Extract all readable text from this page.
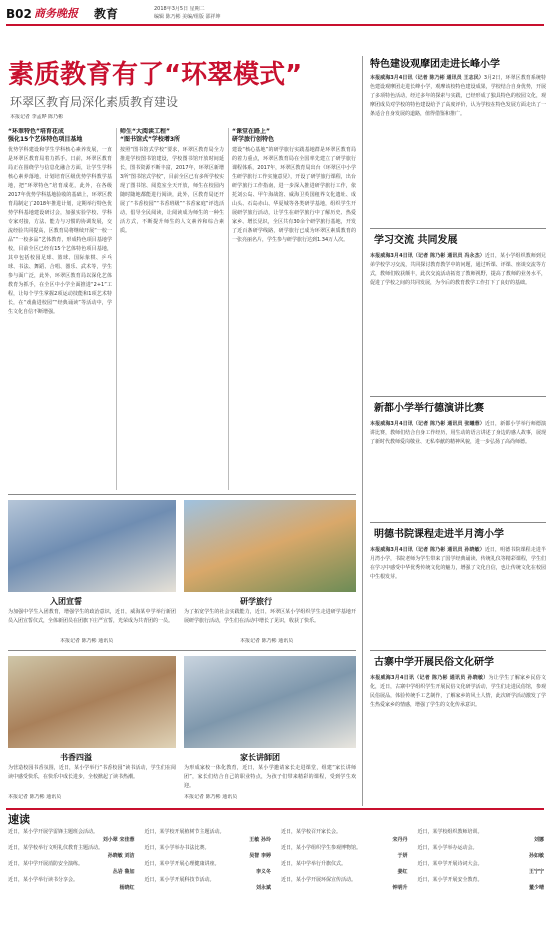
B02 商务晚报 教育	2018年3月5日 星期二
编辑 陈乃彬 美编/组版 邵祥坤
素质教育有了“环翠模式”
环翠区教育局深化素质教育建设
本报记者 李孟晔 陈乃彬
“环翠特色”培育花成
强化15个艺体特色项目基地
优势学科建设和学生学科核心素养发展，一直是环翠区教育局着力抓手。日前，环翠区教育局正在围绕学与信息化融合方面，让学生学科核心素养落地，计划培育区级优势学科教学基地，把“环翠特色”培育成花，此外，在各级2017年优势学科基地验收的基础上，环翠区教育局制定了2018年推进计划，定期举行特色优势学科基地建设研讨会，加强实验学校、学科专家对接，方法、能力与习惯的协调发展，交流经验共同提高，区教育局将继续开展“一校一品”“一校多品”艺体教育，形成特色项目基地学校，目前全区已经有15个艺体特色项目基地，其中包括校园足球、篮球、国际象棋、乒乓球、书法、舞蹈、合唱、器乐、武术等，学生参与面广泛，此外，环翠区教育局以深化艺体教育为抓手，在全区中小学全面推进“2+1”工程，让每个学生掌握2项运动技能和1项艺术特长，在“戏曲进校园”“经典诵读”等活动中，学生文化自信不断增强。
师生“大阅读工程”
“图书馆式”学校增3所
按照“图书馆式学校”要求，环翠区教育局全力推进学校图书馆建设，学校图书馆开放时间延长，图书资源不断丰富，2017年，环翠区新增3所“图书馆式学校”，目前全区已有多所学校实现了图书馆、阅览室全天开放，师生在校园内随时随地都能进行阅读，此外，区教育局还开展了“书香校园”“书香班级”“书香家庭”评选活动，倡导全民阅读，让阅读成为师生的一种生活方式，不断提升师生的人文素养和综合素质。
“课堂在路上”
研学旅行创特色
建设“核心基地”的研学旅行实践基地群是环翠区教育局的着力重点，环翠区教育局在全国率先建立了研学旅行课程体系，2017年，环翠区教育局出台《环翠区中小学生研学旅行工作实施意见》，开设了研学旅行课程，出台研学旅行工作指南，进一步深入推进研学旅行工作，依托刘公岛、甲午海战馆、威海卫英国租界文化遗址、成山头、石岛赤山、华夏城等各类研学基地，组织学生开展研学旅行活动，让学生在研学旅行中了解历史、热爱家乡、增长见识，全区共有30余个研学旅行基地，开发了近百条研学线路，研学旅行已成为环翠区素质教育的一张亮丽名片，学生参与研学旅行达到1.34万人次。
入团宣誓
为加强中学生入团教育，增强学生的政治意识，近日，威海某中学举行新团员入团宣誓仪式，全体新团员在团旗下庄严宣誓，光荣成为共青团的一员。
本报记者 陈乃彬 通讯员
研学旅行
为了拓宽学生的社会实践能力，近日，环翠区某小学组织学生走进研学基地开展研学旅行活动，学生们在活动中增长了见识，收获了快乐。
本报记者 陈乃彬 通讯员
书香四溢
为营造校园书香氛围，近日，某小学举行“书香校园”读书活动，学生们在阅读中感受快乐，在快乐中成长进步，全校掀起了读书热潮。
本报记者 陈乃彬 通讯员
家长讲師团
为形成家校一体化教育，近日，某小学邀请家长走进课堂，组建“家长讲师团”，家长们结合自己的职业特点，为孩子们带来精彩的课程，受到学生欢迎。
本报记者 陈乃彬 通讯员
特色建设观摩团走进长峰小学
本报威海3月4日讯（记者 陈乃彬 通讯员 王志民）3月2日，环翠区教育系统特色建设观摩团走进长峰小学，观摩该校特色建设成果，学校结合自身优势，开展了多项特色活动，经过多年的探索与实践，已经形成了独具特色的校园文化，观摩团成员对学校的特色建设给予了高度评价，认为学校在特色发展方面走出了一条适合自身发展的道路，值得借鉴和推广。
学习交流 共同发展
本报威海3月4日讯（记者 陈乃彬 通讯员 冯永杰）近日，某小学组织教师到兄弟学校学习交流，共同探讨教育教学中的问题，通过听课、评课、座谈交流等方式，教师们收获颇丰，此次交流活动拓宽了教师视野，提高了教师的业务水平，促进了学校之间的共同发展，为今后的教育教学工作打下了良好的基础。
新都小学举行德演讲比赛
本报威海3月4日讯（记者 陈乃彬 通讯员 张曦蓉）近日，新都小学举行师德演讲比赛，教师们结合自身工作经历，用生动的语言讲述了身边的感人故事，展现了新时代教师爱岗敬业、无私奉献的精神风貌，进一步弘扬了高尚师德。
明德书院课程走进半月湾小学
本报威海3月4日讯（记者 陈乃彬 通讯员 孙晓敏）近日，明德书院课程走进半月湾小学，书院老师为学生带来了国学经典诵读、传统礼仪等精彩课程，学生们在学习中感受中华优秀传统文化的魅力，增强了文化自信，也让传统文化在校园中生根发芽。
古寨中学开展民俗文化研学
本报威海3月4日讯（记者 陈乃彬 通讯员 孙晓敏）为让学生了解家乡民俗文化，近日，古寨中学组织学生开展民俗文化研学活动，学生们走进民俗馆，参观民俗展品，体验传统手工艺制作，了解家乡的风土人情，此次研学活动激发了学生热爱家乡的情感，增强了学生的文化传承意识。
速读
近日，某小学开展学雷锋主题班会活动。
刘小翠 宋佳蓉
近日，某学校举行文明礼仪教育主题活动。
孙晓敏 刘洁
近日，某中学开展消防安全演练。
丛岩 鲁加
近日，某小学举行读书分享会。
杨晓红
近日，某学校开展植树节主题活动。
王敏 孙玲
近日，某小学举办书法比赛。
吴智 李婷
近日，某中学开展心理健康讲座。
李义冬
近日，某小学开展科技节活动。
刘永斌
近日，某学校召开家长会。
宋丹丹
近日，某小学组织学生参观博物馆。
于妍
近日，某中学举行升旗仪式。
姜红
近日，某小学开展环保宣传活动。
钟明升
近日，某学校组织教师培训。
刘娜
近日，某小学举办运动会。
孙如敏
近日，某中学开展诗词大会。
王宁宁
近日，某小学开展安全教育。
董少晴
